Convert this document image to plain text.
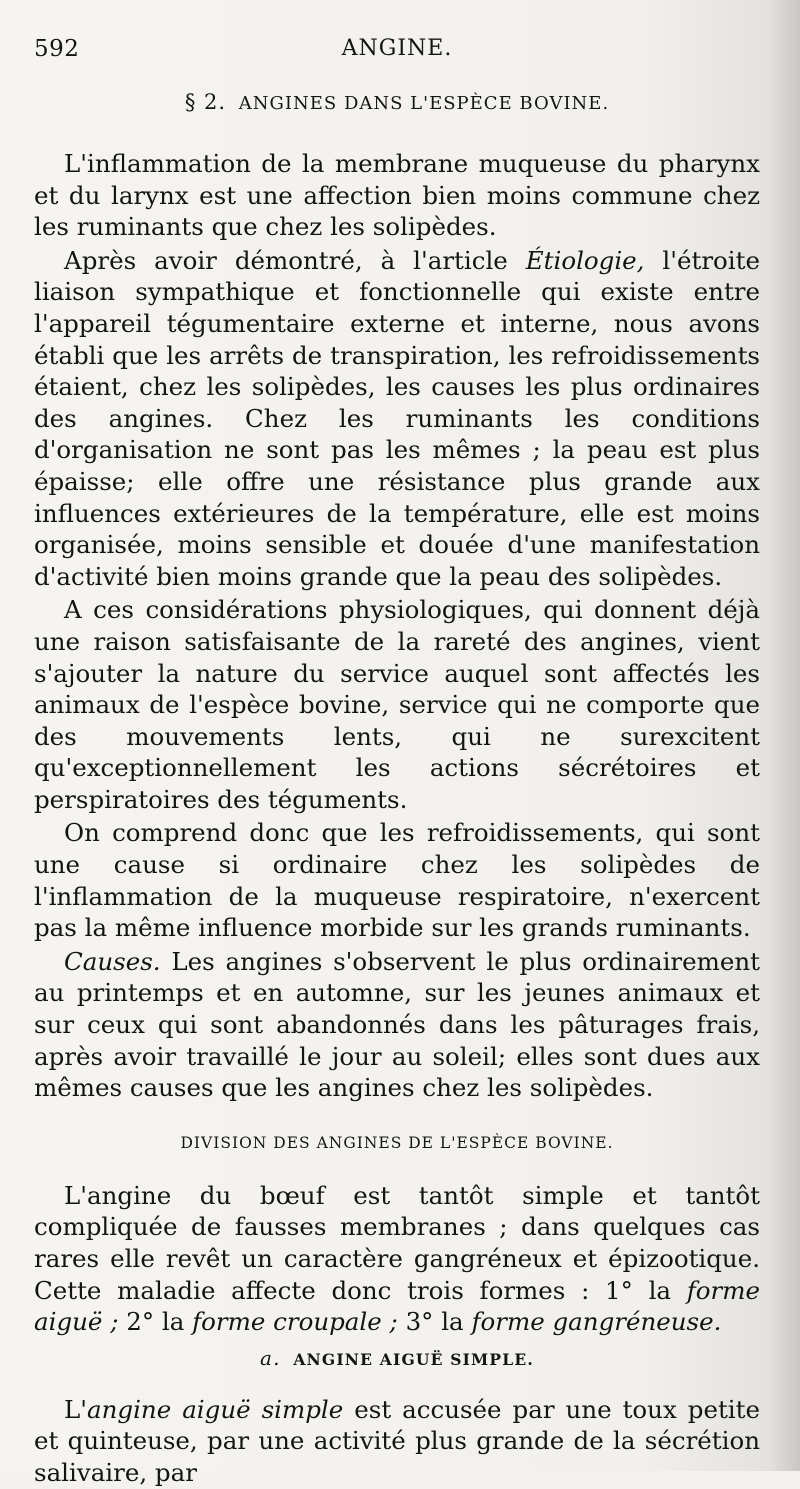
592	ANGINE.
§ 2. ANGINES DANS L'ESPÈCE BOVINE.

L'inflammation de la membrane muqueuse du pharynx et du larynx est une affection bien moins commune chez les ruminants que chez les solipèdes.

Après avoir démontré, à l'article Étiologie, l'étroite liaison sympathique et fonctionnelle qui existe entre l'appareil tégumentaire externe et interne, nous avons établi que les arrêts de transpiration, les refroidissements étaient, chez les solipèdes, les causes les plus ordinaires des angines. Chez les ruminants les conditions d'organisation ne sont pas les mêmes ; la peau est plus épaisse; elle offre une résistance plus grande aux influences extérieures de la température, elle est moins organisée, moins sensible et douée d'une manifestation d'activité bien moins grande que la peau des solipèdes.

A ces considérations physiologiques, qui donnent déjà une raison satisfaisante de la rareté des angines, vient s'ajouter la nature du service auquel sont affectés les animaux de l'espèce bovine, service qui ne comporte que des mouvements lents, qui ne surexcitent qu'exceptionnellement les actions sécrétoires et perspiratoires des téguments.

On comprend donc que les refroidissements, qui sont une cause si ordinaire chez les solipèdes de l'inflammation de la muqueuse respiratoire, n'exercent pas la même influence morbide sur les grands ruminants.

Causes. Les angines s'observent le plus ordinairement au printemps et en automne, sur les jeunes animaux et sur ceux qui sont abandonnés dans les pâturages frais, après avoir travaillé le jour au soleil; elles sont dues aux mêmes causes que les angines chez les solipèdes.

DIVISION DES ANGINES DE L'ESPÈCE BOVINE.

L'angine du bœuf est tantôt simple et tantôt compliquée de fausses membranes ; dans quelques cas rares elle revêt un caractère gangréneux et épizootique. Cette maladie affecte donc trois formes : 1° la forme aiguë ; 2° la forme croupale ; 3° la forme gangréneuse.

a. ANGINE AIGUË SIMPLE.

L'angine aiguë simple est accusée par une toux petite et quinteuse, par une activité plus grande de la sécrétion salivaire, par
